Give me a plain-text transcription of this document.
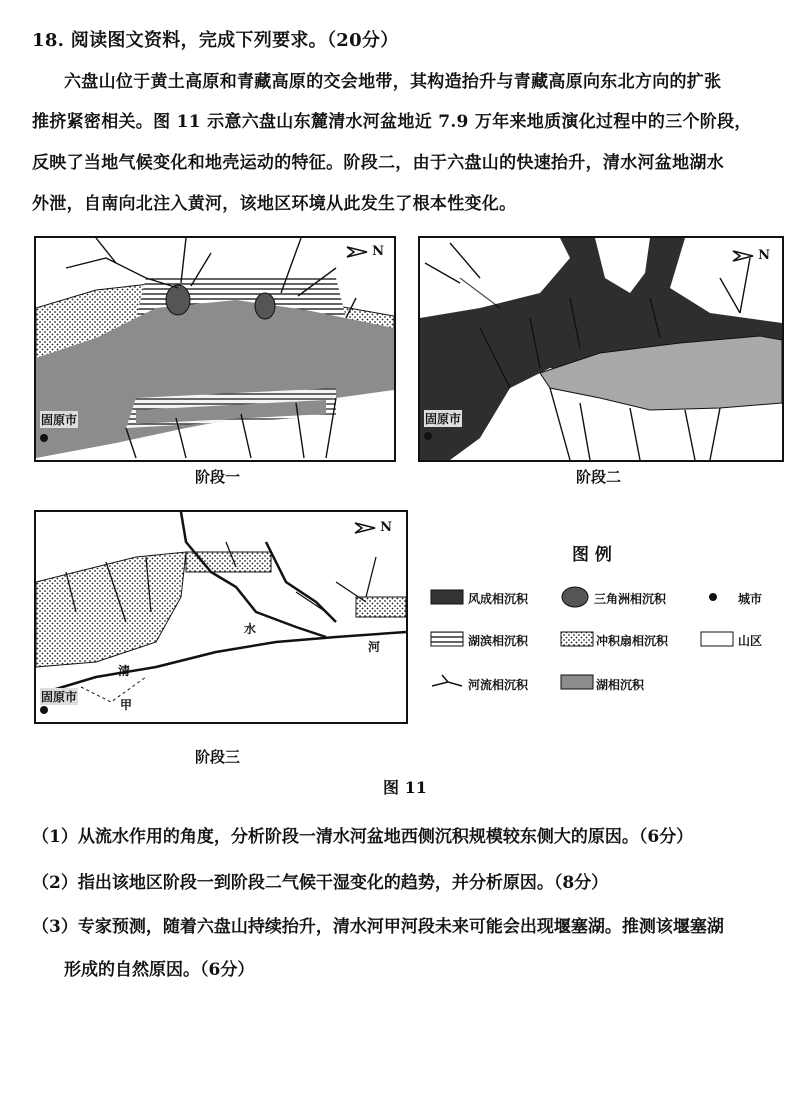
18. 阅读图文资料，完成下列要求。（20分）
六盘山位于黄土高原和青藏高原的交会地带，其构造抬升与青藏高原向东北方向的扩张
推挤紧密相关。图 11 示意六盘山东麓清水河盆地近 7.9 万年来地质演化过程中的三个阶段，
反映了当地气候变化和地壳运动的特征。阶段二，由于六盘山的快速抬升，清水河盆地湖水
外泄，自南向北注入黄河，该地区环境从此发生了根本性变化。
固原市
N
阶段一
固原市
N
阶段二
固原市
清
水
河
甲
N
阶段三
图 例
风成相沉积	三角洲相沉积	城市
湖滨相沉积	冲积扇相沉积	山区
河流相沉积	湖相沉积
图 11
（1）从流水作用的角度，分析阶段一清水河盆地西侧沉积规模较东侧大的原因。（6分）
（2）指出该地区阶段一到阶段二气候干湿变化的趋势，并分析原因。（8分）
（3）专家预测，随着六盘山持续抬升，清水河甲河段未来可能会出现堰塞湖。推测该堰塞湖
形成的自然原因。（6分）
